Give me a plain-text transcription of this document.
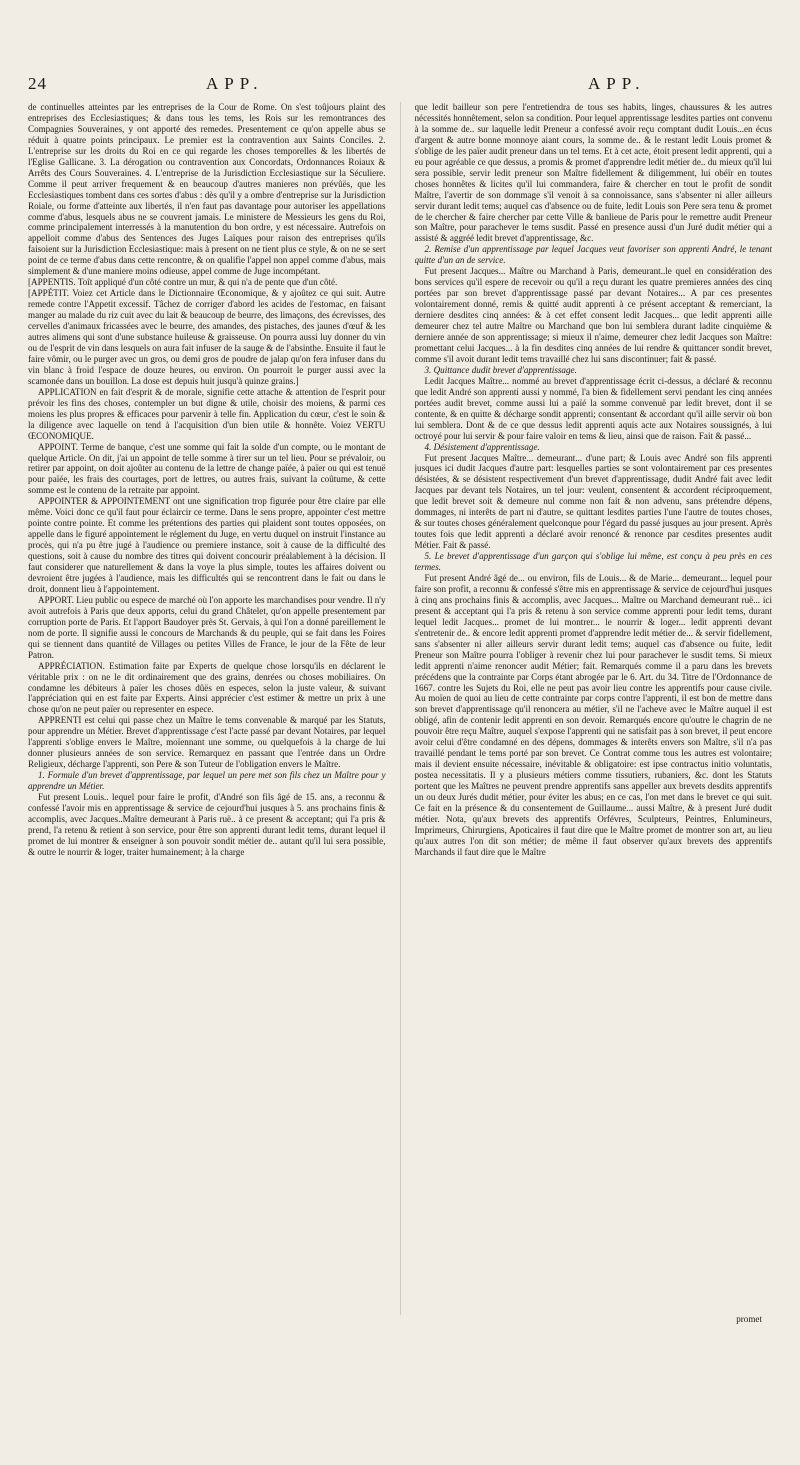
24	APP.	APP.

de continuelles atteintes par les entreprises de la Cour de Rome. On s'est toûjours plaint des entreprises des Ecclesiastiques; & dans tous les tems, les Rois sur les remontrances des Compagnies Souveraines, y ont apporté des remedes. Presentement ce qu'on appelle abus se réduit à quatre points principaux. Le premier est la contravention aux Saints Conciles. 2. L'entreprise sur les droits du Roi en ce qui regarde les choses temporelles & les libertés de l'Eglise Gallicane. 3. La dérogation ou contravention aux Concordats, Ordonnances Roiaux & Arrêts des Cours Souveraines. 4. L'entreprise de la Jurisdiction Ecclesiastique sur la Séculiere. Comme il peut arriver frequement & en beaucoup d'autres manieres non prévûës, que les Ecclesiastiques tombent dans ces sortes d'abus : dès qu'il y a ombre d'entreprise sur la Jurisdiction Roiale, ou forme d'atteinte aux libertés, il n'en faut pas davantage pour autoriser les appellations comme d'abus, lesquels abus ne se couvrent jamais. Le ministere de Messieurs les gens du Roi, comme principalement interressés à la manutention du bon ordre, y est nécessaire. Autrefois on appelloit comme d'abus des Sentences des Juges Laïques pour raison des entreprises qu'ils faisoient sur la Jurisdiction Ecclesiastique: mais à present on ne tient plus ce style, & on ne se sert point de ce terme d'abus dans cette rencontre, & on qualifie l'appel non appel comme d'abus, mais simplement & d'une maniere moins odieuse, appel comme de Juge incompétant.

[APPENTIS. Toît appliqué d'un côté contre un mur, & qui n'a de pente que d'un côté.

[APPÉTIT. Voiez cet Article dans le Dictionnaire Œconomique, & y ajoûtez ce qui suit. Autre remede contre l'Appetit excessif. Tâchez de corriger d'abord les acides de l'estomac, en faisant manger au malade du riz cuit avec du lait & beaucoup de beurre, des limaçons, des écrevisses, des cervelles d'animaux fricassées avec le beurre, des amandes, des pistaches, des jaunes d'œuf & les autres alimens qui sont d'une substance huileuse & graisseuse. On pourra aussi luy donner du vin ou de l'esprit de vin dans lesquels on aura fait infuser de la sauge & de l'absinthe. Ensuite il faut le faire vômir, ou le purger avec un gros, ou demi gros de poudre de jalap qu'on fera infuser dans du vin blanc à froid l'espace de douze heures, ou environ. On pourroit le purger aussi avec la scamonée dans un bouillon. La dose est depuis huit jusqu'à quinze grains.]

APPLICATION en fait d'esprit & de morale, signifie cette attache & attention de l'esprit pour prévoir les fins des choses, contempler un but digne & utile, choisir des moiens, & parmi ces moiens les plus propres & efficaces pour parvenir à telle fin. Application du cœur, c'est le soin & la diligence avec laquelle on tend à l'acquisition d'un bien utile & honnête. Voiez VERTU ŒCONOMIQUE.

APPOINT. Terme de banque, c'est une somme qui fait la solde d'un compte, ou le montant de quelque Article. On dit, j'ai un appoint de telle somme à tirer sur un tel lieu. Pour se prévaloir, ou retirer par appoint, on doit ajoûter au contenu de la lettre de change païée, à païer ou qui est tenuë pour païée, les frais des courtages, port de lettres, ou autres frais, suivant la coûtume, & cette somme est le contenu de la retraite par appoint.

APPOINTER & APPOINTEMENT ont une signification trop figurée pour être claire par elle même. Voici donc ce qu'il faut pour éclaircir ce terme. Dans le sens propre, appointer c'est mettre pointe contre pointe. Et comme les prétentions des parties qui plaident sont toutes opposées, on appelle dans le figuré appointement le réglement du Juge, en vertu duquel on instruit l'instance au procès, qui n'a pu être jugé à l'audience ou premiere instance, soit à cause de la difficulté des questions, soit à cause du nombre des titres qui doivent concourir préalablement à la décision. Il faut considerer que naturellement & dans la voye la plus simple, toutes les affaires doivent ou devroient être jugées à l'audience, mais les difficultés qui se rencontrent dans le fait ou dans le droit, donnent lieu à l'appointement.

APPORT. Lieu public ou espece de marché où l'on apporte les marchandises pour vendre. Il n'y avoit autrefois à Paris que deux apports, celui du grand Châtelet, qu'on appelle presentement par corruption porte de Paris. Et l'apport Baudoyer près St. Gervais, à qui l'on a donné pareillement le nom de porte. Il signifie aussi le concours de Marchands & du peuple, qui se fait dans les Foires qui se tiennent dans quantité de Villages ou petites Villes de France, le jour de la Fête de leur Patron.

APPRÉCIATION. Estimation faite par Experts de quelque chose lorsqu'ils en déclarent le véritable prix : on ne le dit ordinairement que des grains, denrées ou choses mobiliaires. On condamne les débiteurs à païer les choses dûës en especes, selon la juste valeur, & suivant l'appréciation qui en est faite par Experts. Ainsi apprécier c'est estimer & mettre un prix à une chose qu'on ne peut païer ou representer en espece.

APPRENTI est celui qui passe chez un Maître le tems convenable & marqué par les Statuts, pour apprendre un Métier. Brevet d'apprentissage c'est l'acte passé par devant Notaires, par lequel l'apprenti s'oblige envers le Maître, moïennant une somme, ou quelquefois à la charge de lui donner plusieurs années de son service. Remarquez en passant que l'entrée dans un Ordre Religieux, décharge l'apprenti, son Pere & son Tuteur de l'obligation envers le Maître.

1. Formule d'un brevet d'apprentissage, par lequel un pere met son fils chez un Maître pour y apprendre un Métier.

Fut present Louis.. lequel pour faire le profit, d'André son fils âgé de 15. ans, a reconnu & confessé l'avoir mis en apprentissage & service de cejourd'hui jusques à 5. ans prochains finis & accomplis, avec Jacques..Maître demeurant à Paris ruë.. à ce present & acceptant; qui l'a pris & prend, l'a retenu & retient à son service, pour être son apprenti durant ledit tems, durant lequel il promet de lui montrer & enseigner à son pouvoir sondit métier de.. autant qu'il lui sera possible, & outre le nourrir & loger, traiter humainement; à la charge

que ledit bailleur son pere l'entretiendra de tous ses habits, linges, chaussures & les autres nécessités honnêtement, selon sa condition. Pour lequel apprentissage lesdites parties ont convenu à la somme de.. sur laquelle ledit Preneur a confessé avoir reçu comptant dudit Louis...en écus d'argent & autre bonne monnoye aiant cours, la somme de.. & le restant ledit Louis promet & s'oblige de les païer audit preneur dans un tel tems. Et à cet acte, étoit present ledit apprenti, qui a eu pour agréable ce que dessus, a promis & promet d'apprendre ledit métier de.. du mieux qu'il lui sera possible, servir ledit preneur son Maître fidellement & diligemment, lui obéïr en toutes choses honnêtes & licites qu'il lui commandera, faire & chercher en tout le profit de sondit Maître, l'avertir de son dommage s'il venoit à sa connoissance, sans s'absenter ni aller ailleurs servir durant ledit tems; auquel cas d'absence ou de fuite, ledit Louis son Pere sera tenu & promet de le chercher & faire chercher par cette Ville & banlieue de Paris pour le remettre audit Preneur son Maître, pour parachever le tems susdit. Passé en presence aussi d'un Juré dudit métier qui a assisté & aggréé ledit brevet d'apprentissage, &c.

2. Remise d'un apprentissage par lequel Jacques veut favoriser son apprenti André, le tenant quitte d'un an de service.

Fut present Jacques... Maître ou Marchand à Paris, demeurant..le quel en considération des bons services qu'il espere de recevoir ou qu'il a reçu durant les quatre premieres années des cinq portées par son brevet d'apprentissage passé par devant Notaires... A par ces presentes volontairement donné, remis & quitté audit apprenti à ce présent acceptant & remerciant, la derniere desdites cinq années: & à cet effet consent ledit Jacques... que ledit apprenti aille demeurer chez tel autre Maître ou Marchand que bon lui semblera durant ladite cinquième & derniere année de son apprentissage; si mieux il n'aime, demeurer chez ledit Jacques son Maître: promettant celui Jacques... à la fin desdites cinq années de lui rendre & quittancer sondit brevet, comme s'il avoit durant ledit tems travaillé chez lui sans discontinuer; fait & passé.

3. Quittance dudit brevet d'apprentissage.

Ledit Jacques Maître... nommé au brevet d'apprentissage écrit ci-dessus, a déclaré & reconnu que ledit André son apprenti aussi y nommé, l'a bien & fidellement servi pendant les cinq années portées audit brevet, comme aussi lui a païé la somme convenuë par ledit brevet, dont il se contente, & en quitte & décharge sondit apprenti; consentant & accordant qu'il aille servir où bon lui semblera. Dont & de ce que dessus ledit apprenti aquis acte aux Notaires soussignés, à lui octroyé pour lui servir & pour faire valoir en tems & lieu, ainsi que de raison. Fait & passé...

4. Désistement d'apprentissage.

Fut present Jacques Maître... demeurant... d'une part; & Louis avec André son fils apprenti jusques ici dudit Jacques d'autre part: lesquelles parties se sont volontairement par ces presentes désistées, & se désistent respectivement d'un brevet d'apprentissage, dudit André fait avec ledit Jacques par devant tels Notaires, un tel jour: veulent, consentent & accordent réciproquement, que ledit brevet soit & demeure nul comme non fait & non advenu, sans prétendre dépens, dommages, ni interêts de part ni d'autre, se quittant lesdites parties l'une l'autre de toutes choses, & sur toutes choses généralement quelconque pour l'égard du passé jusques au jour present. Après toutes fois que ledit apprenti a déclaré avoir renoncé & renonce par cesdites presentes audit Métier. Fait & passé.

5. Le brevet d'apprentissage d'un garçon qui s'oblige lui même, est conçu à peu près en ces termes.

Fut present André âgé de... ou environ, fils de Louis... & de Marie... demeurant... lequel pour faire son profit, a reconnu & confessé s'être mis en apprentissage & service de cejourd'hui jusques à cinq ans prochains finis & accomplis, avec Jacques... Maître ou Marchand demeurant ruë... ici present & acceptant qui l'a pris & retenu à son service comme apprenti pour ledit tems, durant lequel ledit Jacques... promet de lui montrer... le nourrir & loger... ledit apprenti devant s'entretenir de.. & encore ledit apprenti promet d'apprendre ledit métier de... & servir fidellement, sans s'absenter ni aller ailleurs servir durant ledit tems; auquel cas d'absence ou fuite, ledit Preneur son Maître pourra l'obliger à revenir chez lui pour parachever le susdit tems. Si mieux ledit apprenti n'aime renoncer audit Métier; fait. Remarqués comme il a paru dans les brevets précédens que la contrainte par Corps étant abrogée par le 6. Art. du 34. Titre de l'Ordonnance de 1667. contre les Sujets du Roi, elle ne peut pas avoir lieu contre les apprentifs pour cause civile. Au moïen de quoi au lieu de cette contrainte par corps contre l'apprenti, il est bon de mettre dans son brevet d'apprentissage qu'il renoncera au métier, s'il ne l'acheve avec le Maître auquel il est obligé, afin de contenir ledit apprenti en son devoir. Remarqués encore qu'outre le chagrin de ne pouvoir être reçu Maître, auquel s'expose l'apprenti qui ne satisfait pas à son brevet, il peut encore avoir celui d'être condamné en des dépens, dommages & interêts envers son Maître, s'il n'a pas travaillé pendant le tems porté par son brevet. Ce Contrat comme tous les autres est volontaire; mais il devient ensuite nécessaire, inévitable & obligatoire: est ipse contractus initio voluntatis, postea necessitatis. Il y a plusieurs métiers comme tissutiers, rubaniers, &c. dont les Statuts portent que les Maîtres ne peuvent prendre apprentifs sans appeller aux brevets desdits apprentifs un ou deux Jurés dudit métier, pour éviter les abus; en ce cas, l'on met dans le brevet ce qui suit. Ce fait en la présence & du consentement de Guillaume... aussi Maître, & à present Juré dudit métier. Nota, qu'aux brevets des apprentifs Orfévres, Sculpteurs, Peintres, Enlumineurs, Imprimeurs, Chirurgiens, Apoticaires il faut dire que le Maître promet de montrer son art, au lieu qu'aux autres l'on dit son métier; de même il faut observer qu'aux brevets des apprentifs Marchands il faut dire que le Maître

promet
